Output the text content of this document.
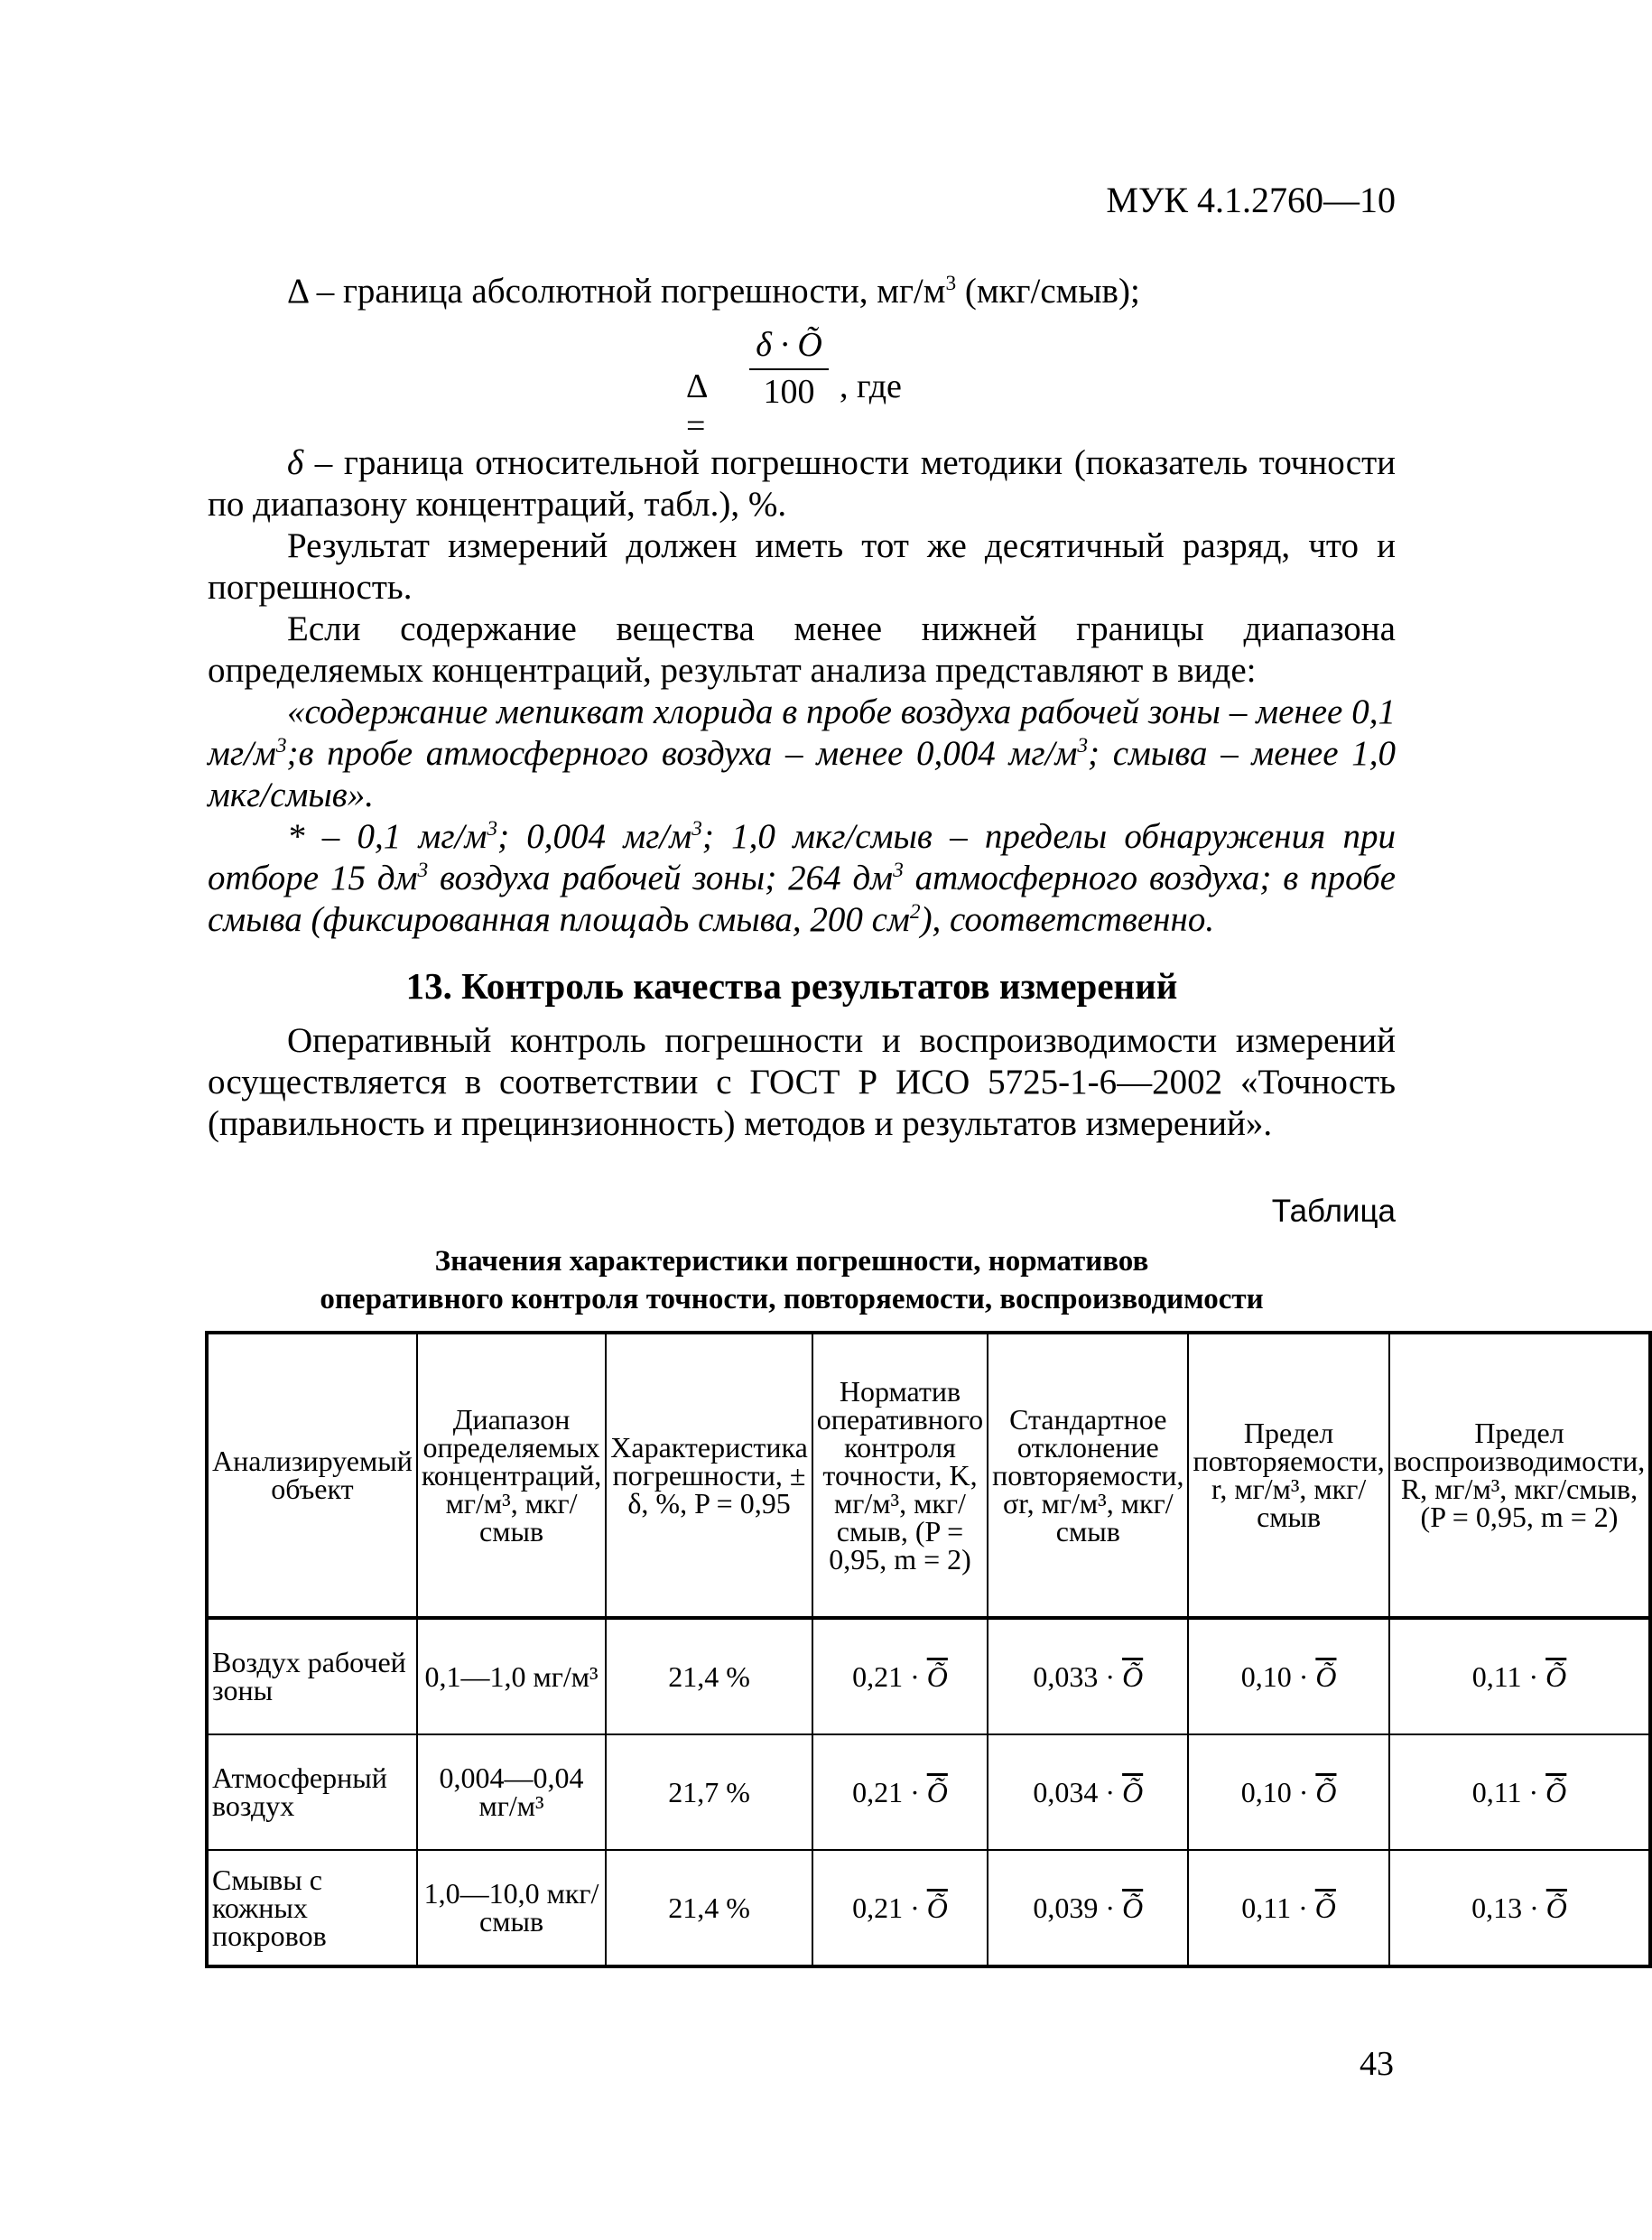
МУК 4.1.2760—10
Δ – граница абсолютной погрешности, $мг/м^3$ (мкг/смыв);
Δ =
δ · Õ
100 , где

δ – граница относительной погрешности методики (показатель точности по диапазону концентраций, табл.), %.

Результат измерений должен иметь тот же десятичный разряд, что и погрешность.

Если содержание вещества менее нижней границы диапазона определяемых концентраций, результат анализа представляют в виде:

«содержание мепикват хлорида в пробе воздуха рабочей зоны – менее 0,1 $мг/м^3;в$ пробе атмосферного воздуха – менее 0,004 $мг/м^3$; смыва – менее 1,0 мкг/смыв».

* – 0,1 $мг/м^3$; 0,004 $мг/м^3$; 1,0 мкг/смыв – пределы обнаружения при отборе 15 $дм^3$ воздуха рабочей зоны; 264 $дм^3$ атмосферного воздуха; в пробе смыва (фиксированная площадь смыва, 200 $см^2$), соответственно.

13. Контроль качества результатов измерений

Оперативный контроль погрешности и воспроизводимости измерений осуществляется в соответствии с ГОСТ Р ИСО 5725-1-6—2002 «Точность (правильность и прецинзионность) методов и результатов измерений».

Таблица
Значения характеристики погрешности, нормативов
оперативного контроля точности, повторяемости, воспроизводимости
Анализируемый объект	Диапазон определяемых концентраций, мг/м³, мкг/смыв	Характеристика погрешности, ± δ, %, P = 0,95	Норматив оперативного контроля точности, K, мг/м³, мкг/смыв, (P = 0,95, m = 2)	Стандартное отклонение повторяемости, σr, мг/м³, мкг/смыв	Предел повторяемости, r, мг/м³, мкг/смыв	Предел воспроизводимости, R, мг/м³, мкг/смыв, (P = 0,95, m = 2)
Воздух рабочей зоны	0,1—1,0 мг/м³	21,4 %	$0,21 \cdot \overline{Õ}$	$0,033 \cdot \overline{Õ}$	$0,10 \cdot \overline{Õ}$	$0,11 \cdot \overline{Õ}$
Атмосферный воздух	0,004—0,04 мг/м³	21,7 %	$0,21 \cdot \overline{Õ}$	$0,034 \cdot \overline{Õ}$	$0,10 \cdot \overline{Õ}$	$0,11 \cdot \overline{Õ}$
Смывы с кожных покровов	1,0—10,0 мкг/смыв	21,4 %	$0,21 \cdot \overline{Õ}$	$0,039 \cdot \overline{Õ}$	$0,11 \cdot \overline{Õ}$	$0,13 \cdot \overline{Õ}$
43
